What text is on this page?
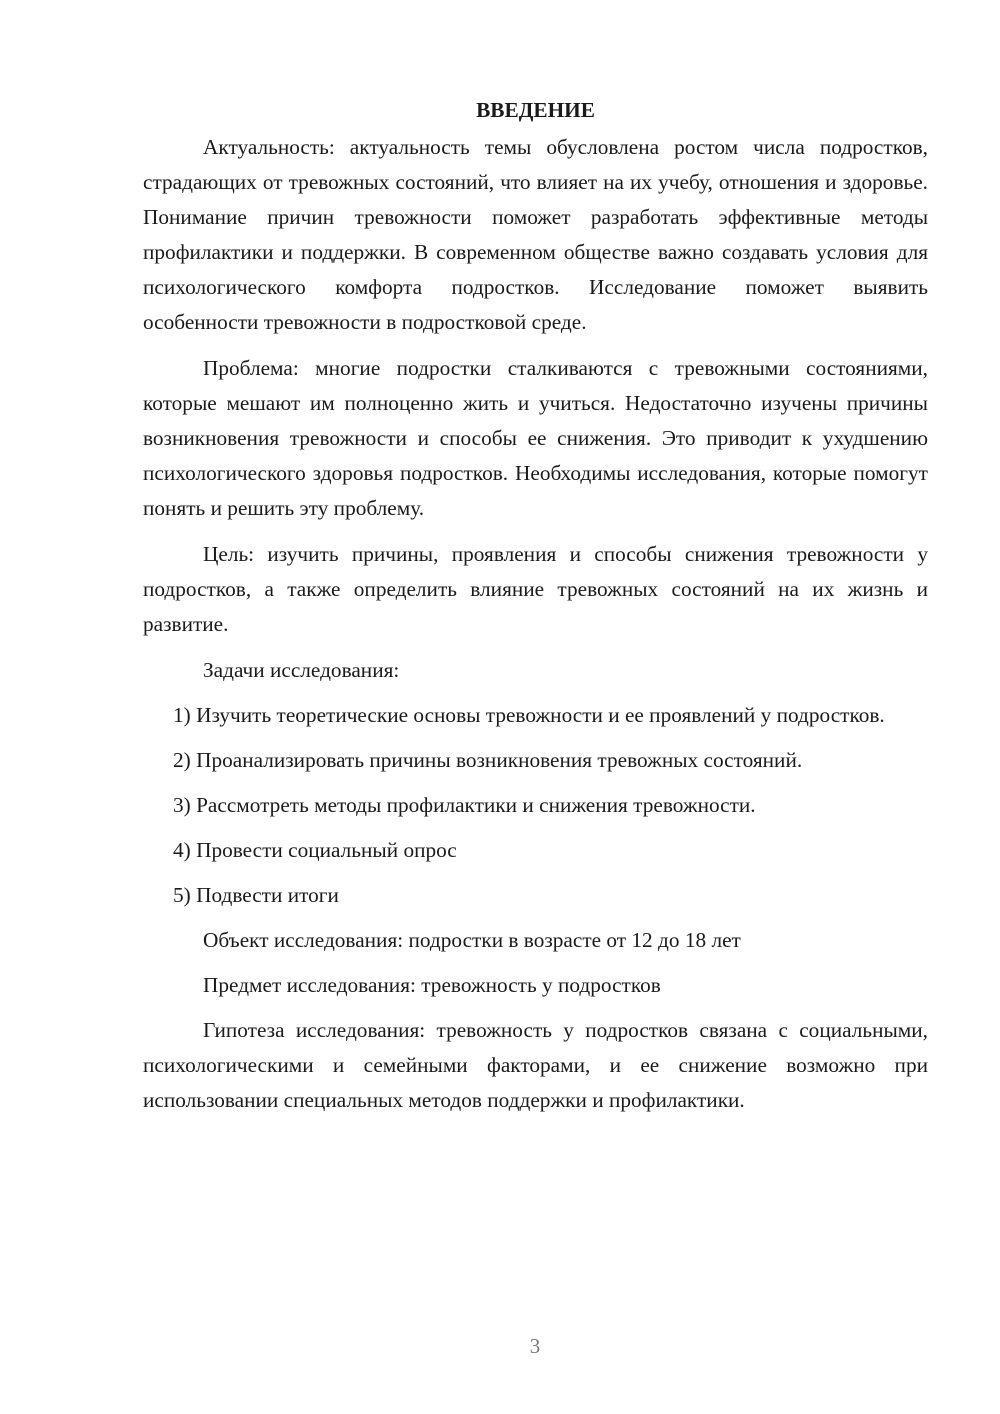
ВВЕДЕНИЕ

Актуальность: актуальность темы обусловлена ростом числа подростков, страдающих от тревожных состояний, что влияет на их учебу, отношения и здоровье. Понимание причин тревожности поможет разработать эффективные методы профилактики и поддержки. В современном обществе важно создавать условия для психологического комфорта подростков. Исследование поможет выявить особенности тревожности в подростковой среде.

Проблема: многие подростки сталкиваются с тревожными состояниями, которые мешают им полноценно жить и учиться. Недостаточно изучены причины возникновения тревожности и способы ее снижения. Это приводит к ухудшению психологического здоровья подростков. Необходимы исследования, которые помогут понять и решить эту проблему.

Цель: изучить причины, проявления и способы снижения тревожности у подростков, а также определить влияние тревожных состояний на их жизнь и развитие.

Задачи исследования:

1) Изучить теоретические основы тревожности и ее проявлений у подростков.

2) Проанализировать причины возникновения тревожных состояний.

3) Рассмотреть методы профилактики и снижения тревожности.

4) Провести социальный опрос

5) Подвести итоги

Объект исследования: подростки в возрасте от 12 до 18 лет

Предмет исследования: тревожность у подростков

Гипотеза исследования: тревожность у подростков связана с социальными, психологическими и семейными факторами, и ее снижение возможно при использовании специальных методов поддержки и профилактики.

3
